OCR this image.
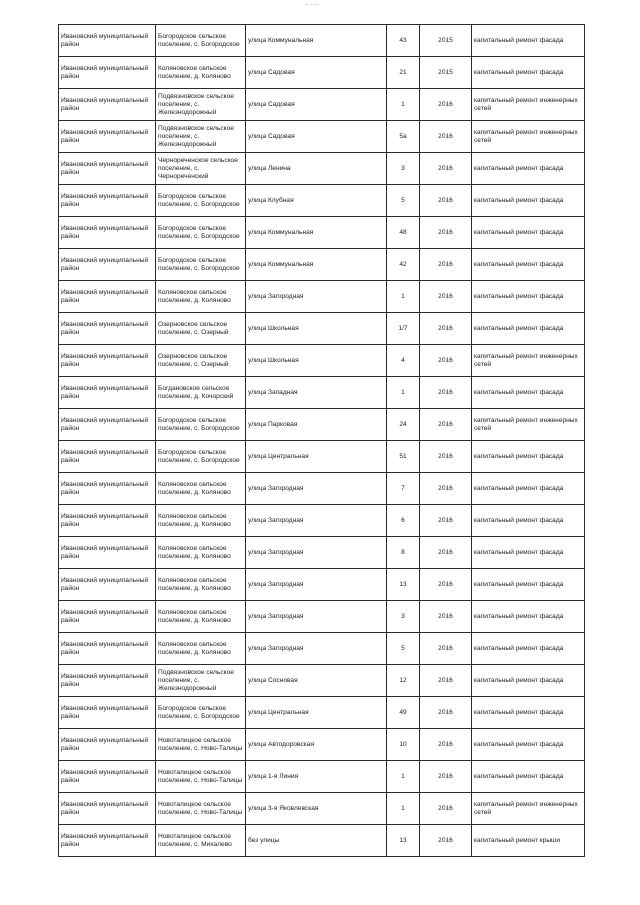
- ---
Ивановский муниципальный район	Богородское сельское поселение, с. Богородское	улица Коммунальная	43	2015	капитальный ремонт фасада
Ивановский муниципальный район	Коляновское сельское поселение, д. Коляново	улица Садовая	21	2015	капитальный ремонт фасада
Ивановский муниципальный район	Подвязновское сельское поселение, с. Железнодорожный	улица Садовая	1	2016	капитальный ремонт инженерных сетей
Ивановский муниципальный район	Подвязновское сельское поселение, с. Железнодорожный	улица Садовая	5а	2016	капитальный ремонт инженерных сетей
Ивановский муниципальный район	Чернореченское сельское поселение, с. Чернореченский	улица Ленина	3	2016	капитальный ремонт фасада
Ивановский муниципальный район	Богородское сельское поселение, с. Богородское	улица Клубная	5	2016	капитальный ремонт фасада
Ивановский муниципальный район	Богородское сельское поселение, с. Богородское	улица Коммунальная	48	2016	капитальный ремонт фасада
Ивановский муниципальный район	Богородское сельское поселение, с. Богородское	улица Коммунальная	42	2016	капитальный ремонт фасада
Ивановский муниципальный район	Коляновское сельское поселение, д. Коляново	улица Загородная	1	2016	капитальный ремонт фасада
Ивановский муниципальный район	Озерновское сельское поселение, с. Озерный	улица Школьная	1/7	2016	капитальный ремонт фасада
Ивановский муниципальный район	Озерновское сельское поселение, с. Озерный	улица Школьная	4	2016	капитальный ремонт инженерных сетей
Ивановский муниципальный район	Богдановское сельское поселение, д. Кочорский	улица Западная	1	2016	капитальный ремонт фасада
Ивановский муниципальный район	Богородское сельское поселение, с. Богородское	улица Парковая	24	2016	капитальный ремонт инженерных сетей
Ивановский муниципальный район	Богородское сельское поселение, с. Богородское	улица Центральная	51	2016	капитальный ремонт фасада
Ивановский муниципальный район	Коляновское сельское поселение, д. Коляново	улица Загородная	7	2016	капитальный ремонт фасада
Ивановский муниципальный район	Коляновское сельское поселение, д. Коляново	улица Загородная	6	2016	капитальный ремонт фасада
Ивановский муниципальный район	Коляновское сельское поселение, д. Коляново	улица Загородная	8	2016	капитальный ремонт фасада
Ивановский муниципальный район	Коляновское сельское поселение, д. Коляново	улица Загородная	13	2016	капитальный ремонт фасада
Ивановский муниципальный район	Коляновское сельское поселение, д. Коляново	улица Загородная	3	2016	капитальный ремонт фасада
Ивановский муниципальный район	Коляновское сельское поселение, д. Коляново	улица Загородная	5	2016	капитальный ремонт фасада
Ивановский муниципальный район	Подвязновское сельское поселение, с. Железнодорожный	улица Сосновая	12	2016	капитальный ремонт фасада
Ивановский муниципальный район	Богородское сельское поселение, с. Богородское	улица Центральная	49	2016	капитальный ремонт фасада
Ивановский муниципальный район	Новоталицкое сельское поселение, с. Ново-Талицы	улица Автодоровская	10	2016	капитальный ремонт фасада
Ивановский муниципальный район	Новоталицкое сельское поселение, с. Ново-Талицы	улица 1-я Линия	1	2016	капитальный ремонт фасада
Ивановский муниципальный район	Новоталицкое сельское поселение, с. Ново-Талицы	улица 3-я Яковлевская	1	2016	капитальный ремонт инженерных сетей
Ивановский муниципальный район	Новоталицкое сельское поселение, с. Михалево	без улицы	13	2016	капитальный ремонт крыши
